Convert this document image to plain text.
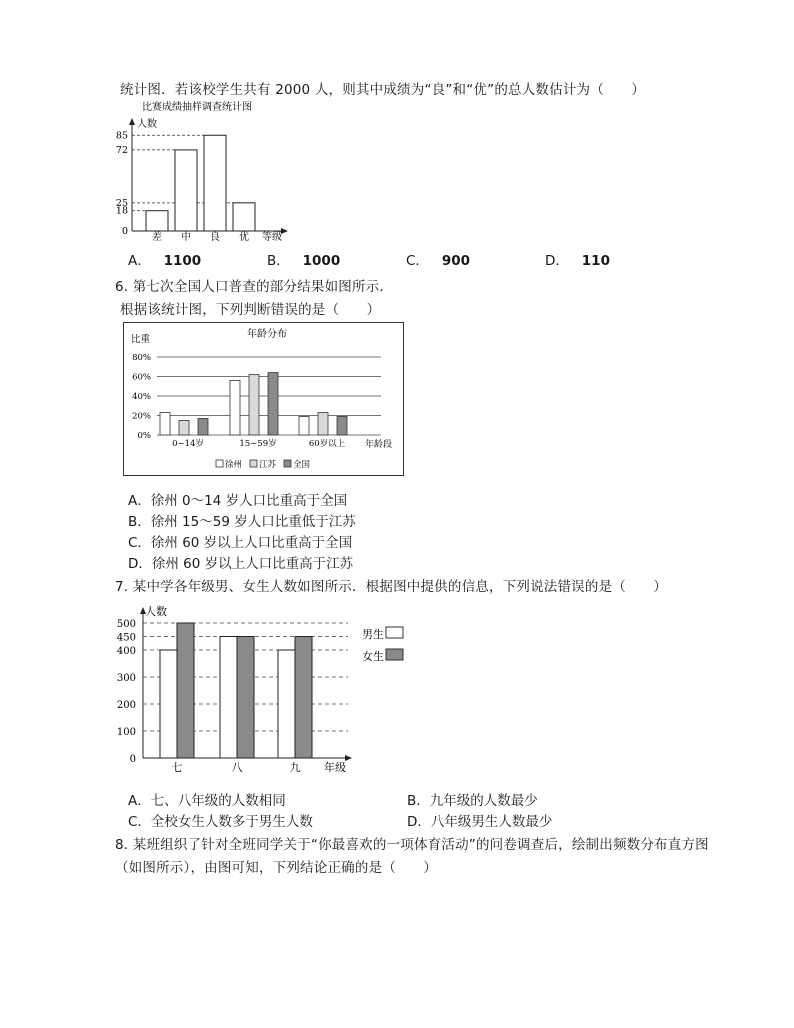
统计图．若该校学生共有 2000 人，则其中成绩为“良”和“优”的总人数估计为（　　）
比赛成绩抽样调查统计图
人数
等级
0
18
25
72
85
差 中 良 优
A． 1100	B． 1000	C． 900	D． 110
6. 第七次全国人口普查的部分结果如图所示．
根据该统计图，下列判断错误的是（　　）
年龄分布
比重
年龄段
0%
20%
40%
60%
80%
0~14岁	15~59岁	60岁以上
徐州 江苏 全国
A．徐州 0～14 岁人口比重高于全国
B．徐州 15～59 岁人口比重低于江苏
C．徐州 60 岁以上人口比重高于全国
D．徐州 60 岁以上人口比重高于江苏
7. 某中学各年级男、女生人数如图所示．根据图中提供的信息，下列说法错误的是（　　）
人数
年级
0
100
200
300
400
450
500
七	八	九
男生
女生
A．七、八年级的人数相同	B．九年级的人数最少
C．全校女生人数多于男生人数	D．八年级男生人数最少
8. 某班组织了针对全班同学关于“你最喜欢的一项体育活动”的问卷调查后，绘制出频数分布直方图
（如图所示），由图可知，下列结论正确的是（　　）
